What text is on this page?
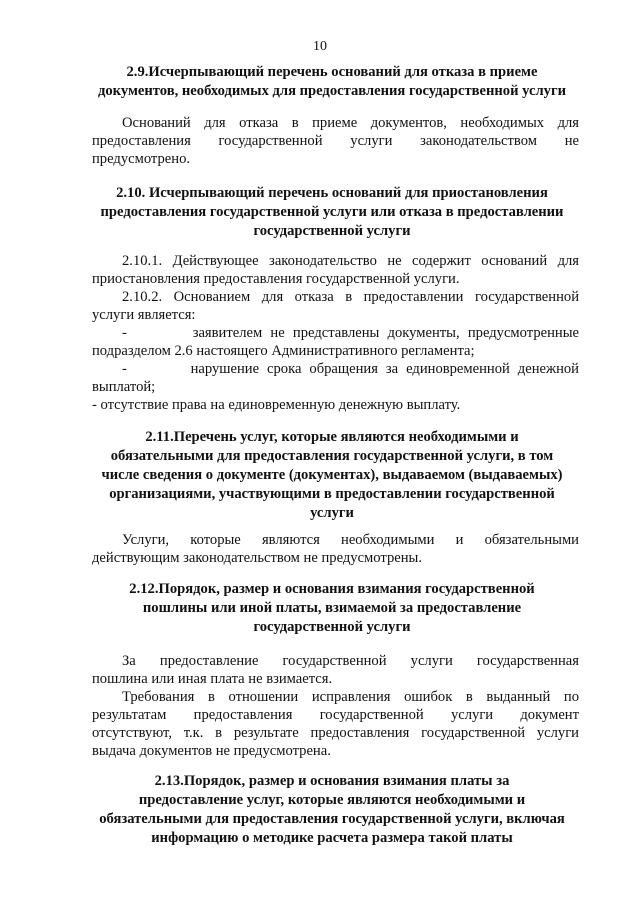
10
2.9.Исчерпывающий перечень оснований для отказа в приеме
документов, необходимых для предоставления государственной услуги
Оснований для отказа в приеме документов, необходимых для
предоставления государственной услуги законодательством не
предусмотрено.
2.10. Исчерпывающий перечень оснований для приостановления
предоставления государственной услуги или отказа в предоставлении
государственной услуги
2.10.1. Действующее законодательство не содержит оснований для
приостановления предоставления государственной услуги.
2.10.2. Основанием для отказа в предоставлении государственной
услуги является:
-	заявителем не представлены документы, предусмотренные
подразделом 2.6 настоящего Административного регламента;
-	нарушение срока обращения за единовременной денежной
выплатой;
- отсутствие права на единовременную денежную выплату.
2.11.Перечень услуг, которые являются необходимыми и
обязательными для предоставления государственной услуги, в том
числе сведения о документе (документах), выдаваемом (выдаваемых)
организациями, участвующими в предоставлении государственной
услуги
Услуги, которые являются необходимыми и обязательными
действующим законодательством не предусмотрены.
2.12.Порядок, размер и основания взимания государственной
пошлины или иной платы, взимаемой за предоставление
государственной услуги
За предоставление государственной услуги государственная
пошлина или иная плата не взимается.
Требования в отношении исправления ошибок в выданный по
результатам предоставления государственной услуги документ
отсутствуют, т.к. в результате предоставления государственной услуги
выдача документов не предусмотрена.
2.13.Порядок, размер и основания взимания платы за
предоставление услуг, которые являются необходимыми и
обязательными для предоставления государственной услуги, включая
информацию о методике расчета размера такой платы
